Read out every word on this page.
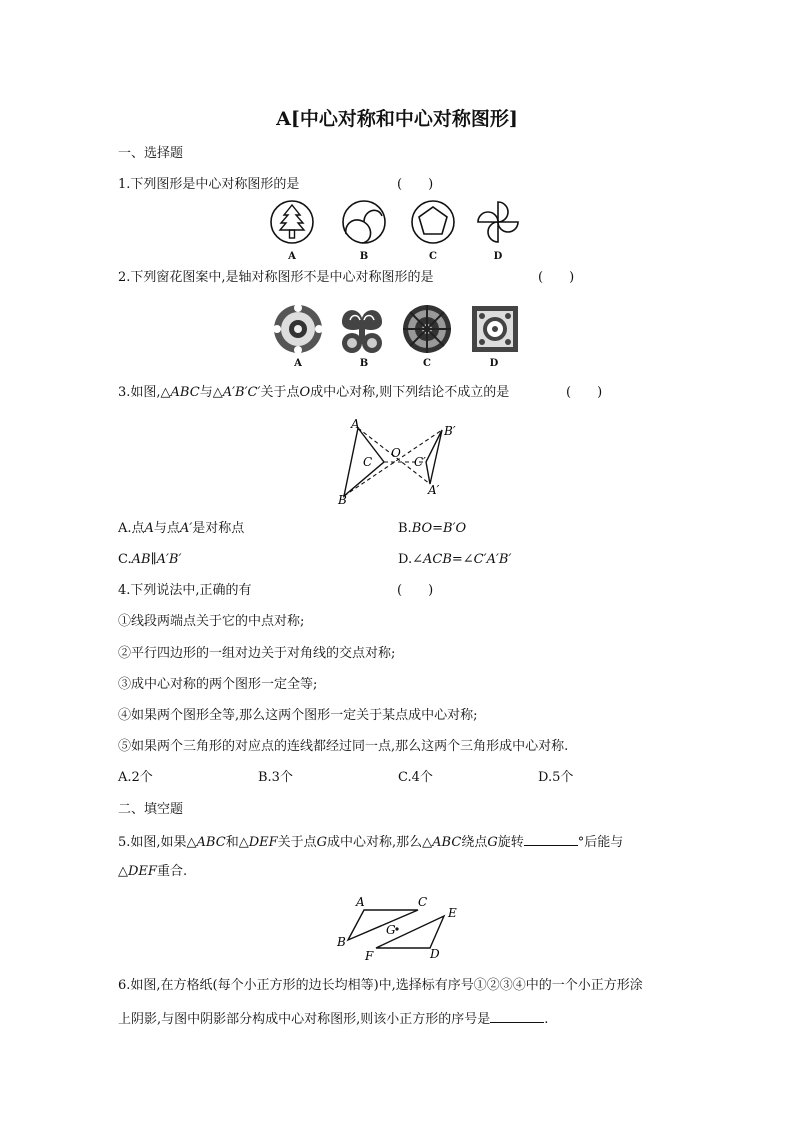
A[中心对称和中心对称图形]
一、选择题
1.下列图形是中心对称图形的是	(　　)
A	B	C	D
2.下列窗花图案中,是轴对称图形不是中心对称图形的是	(　　)
A	B	C	D
3.如图,△ABC与△A′B′C′关于点O成中心对称,则下列结论不成立的是	(　　)
A
B
C
O
C′
A′
B′
A.点A与点A′是对称点	B.BO=B′O
C.AB∥A′B′	D.∠ACB=∠C′A′B′
4.下列说法中,正确的有	(　　)
①线段两端点关于它的中点对称;
②平行四边形的一组对边关于对角线的交点对称;
③成中心对称的两个图形一定全等;
④如果两个图形全等,那么这两个图形一定关于某点成中心对称;
⑤如果两个三角形的对应点的连线都经过同一点,那么这两个三角形成中心对称.
A.2个	B.3个	C.4个	D.5个
二、填空题
5.如图,如果△ABC和△DEF关于点G成中心对称,那么△ABC绕点G旋转	°后能与
△DEF重合.
A	C
B
G
E
F	D
6.如图,在方格纸(每个小正方形的边长均相等)中,选择标有序号①②③④中的一个小正方形涂
上阴影,与图中阴影部分构成中心对称图形,则该小正方形的序号是	.
